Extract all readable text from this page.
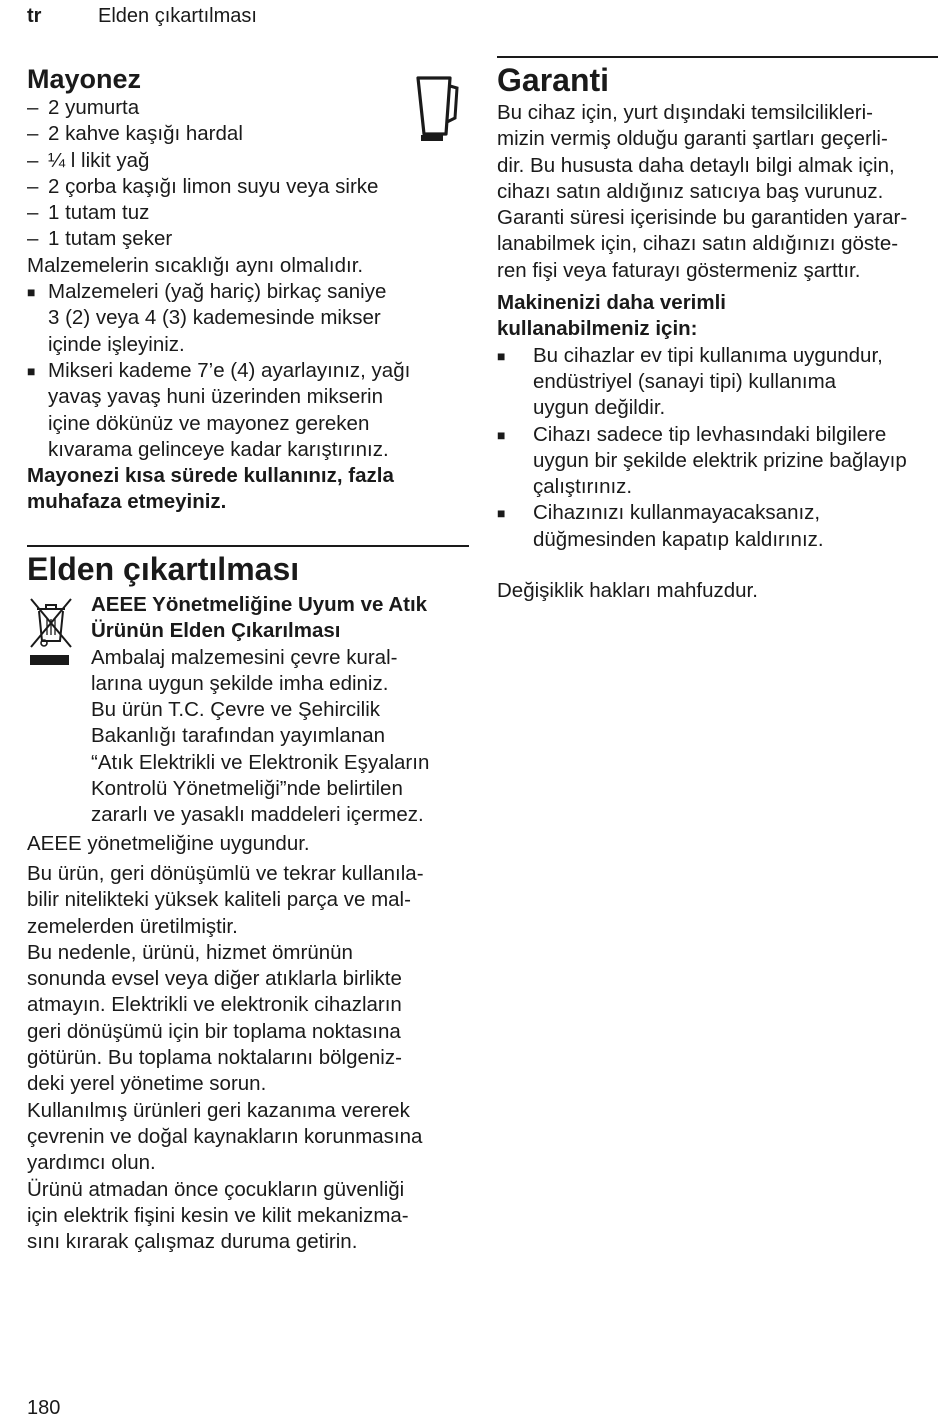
tr	Elden çıkartılması
Mayonez
– 2 yumurta
– 2 kahve kaşığı hardal
– ¼ l likit yağ
– 2 çorba kaşığı limon suyu veya sirke
– 1 tutam tuz
– 1 tutam şeker
Malzemelerin sıcaklığı aynı olmalıdır.
■ Malzemeleri (yağ hariç) birkaç saniye
3 (2) veya 4 (3) kademesinde mikser
içinde işleyiniz.
■ Mikseri kademe 7’e (4) ayarlayınız, yağı
yavaş yavaş huni üzerinden mikserin
içine dökünüz ve mayonez gereken
kıvarama gelinceye kadar karıştırınız.
Mayonezi kısa sürede kullanınız, fazla
muhafaza etmeyiniz.
Elden çıkartılması
AEEE Yönetmeliğine Uyum ve Atık
Ürünün Elden Çıkarılması
Ambalaj malzemesini çevre kural-
larına uygun şekilde imha ediniz.
Bu ürün T.C. Çevre ve Şehircilik
Bakanlığı tarafından yayımlanan
“Atık Elektrikli ve Elektronik Eşyaların
Kontrolü Yönetmeliği”nde belirtilen
zararlı ve yasaklı maddeleri içermez.
AEEE yönetmeliğine uygundur.
Bu ürün, geri dönüşümlü ve tekrar kullanıla-
bilir nitelikteki yüksek kaliteli parça ve mal-
zemelerden üretilmiştir.
Bu nedenle, ürünü, hizmet ömrünün
sonunda evsel veya diğer atıklarla birlikte
atmayın. Elektrikli ve elektronik cihazların
geri dönüşümü için bir toplama noktasına
götürün. Bu toplama noktalarını bölgeniz-
deki yerel yönetime sorun.
Kullanılmış ürünleri geri kazanıma vererek
çevrenin ve doğal kaynakların korunmasına
yardımcı olun.
Ürünü atmadan önce çocukların güvenliği
için elektrik fişini kesin ve kilit mekanizma-
sını kırarak çalışmaz duruma getirin.
Garanti
Bu cihaz için, yurt dışındaki temsilcilikleri-
mizin vermiş olduğu garanti şartları geçerli-
dir. Bu hususta daha detaylı bilgi almak için,
cihazı satın aldığınız satıcıya baş vurunuz.
Garanti süresi içerisinde bu garantiden yarar-
lanabilmek için, cihazı satın aldığınızı göste-
ren fişi veya faturayı göstermeniz şarttır.
Makinenizi daha verimli
kullanabilmeniz için:
■	Bu cihazlar ev tipi kullanıma uygundur,
endüstriyel (sanayi tipi) kullanıma
uygun değildir.
■	Cihazı sadece tip levhasındaki bilgilere
uygun bir şekilde elektrik prizine bağlayıp
çalıştırınız.
■	Cihazınızı kullanmayacaksanız,
düğmesinden kapatıp kaldırınız.
Değişiklik hakları mahfuzdur.
180
